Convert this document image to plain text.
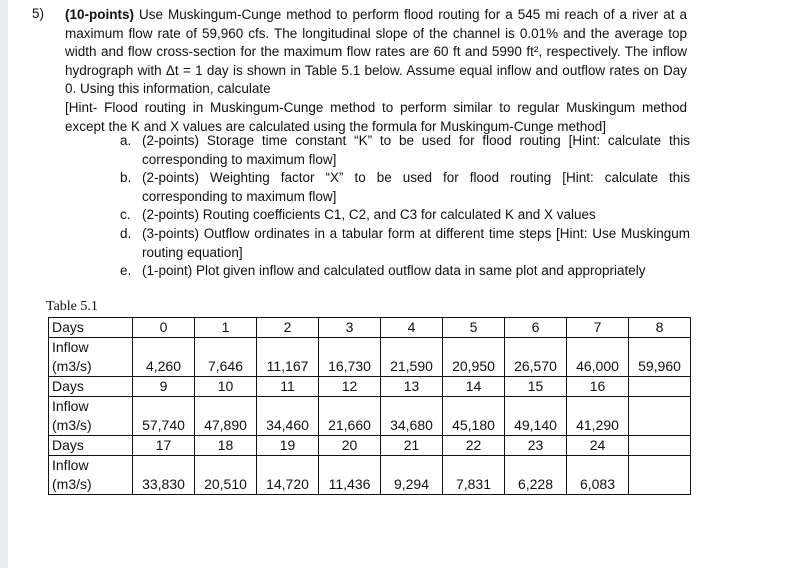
5) (10-points) Use Muskingum-Cunge method to perform flood routing for a 545 mi reach of a river at a maximum flow rate of 59,960 cfs. The longitudinal slope of the channel is 0.01% and the average top width and flow cross-section for the maximum flow rates are 60 ft and 5990 ft², respectively. The inflow hydrograph with Δt = 1 day is shown in Table 5.1 below. Assume equal inflow and outflow rates on Day 0. Using this information, calculate

[Hint- Flood routing in Muskingum-Cunge method to perform similar to regular Muskingum method except the K and X values are calculated using the formula for Muskingum-Cunge method]

a. (2-points) Storage time constant “K” to be used for flood routing [Hint: calculate this corresponding to maximum flow]
b. (2-points) Weighting factor “X” to be used for flood routing [Hint: calculate this corresponding to maximum flow]
c. (2-points) Routing coefficients C1, C2, and C3 for calculated K and X values
d. (3-points) Outflow ordinates in a tabular form at different time steps [Hint: Use Muskingum routing equation]
e. (1-point) Plot given inflow and calculated outflow data in same plot and appropriately
Table 5.1
Days	0	1	2	3	4	5	6	7	8
Inflow									
(m3/s)	4,260	7,646	11,167	16,730	21,590	20,950	26,570	46,000	59,960
Days	9	10	11	12	13	14	15	16	
Inflow									
(m3/s)	57,740	47,890	34,460	21,660	34,680	45,180	49,140	41,290	
Days	17	18	19	20	21	22	23	24	
Inflow									
(m3/s)	33,830	20,510	14,720	11,436	9,294	7,831	6,228	6,083	
